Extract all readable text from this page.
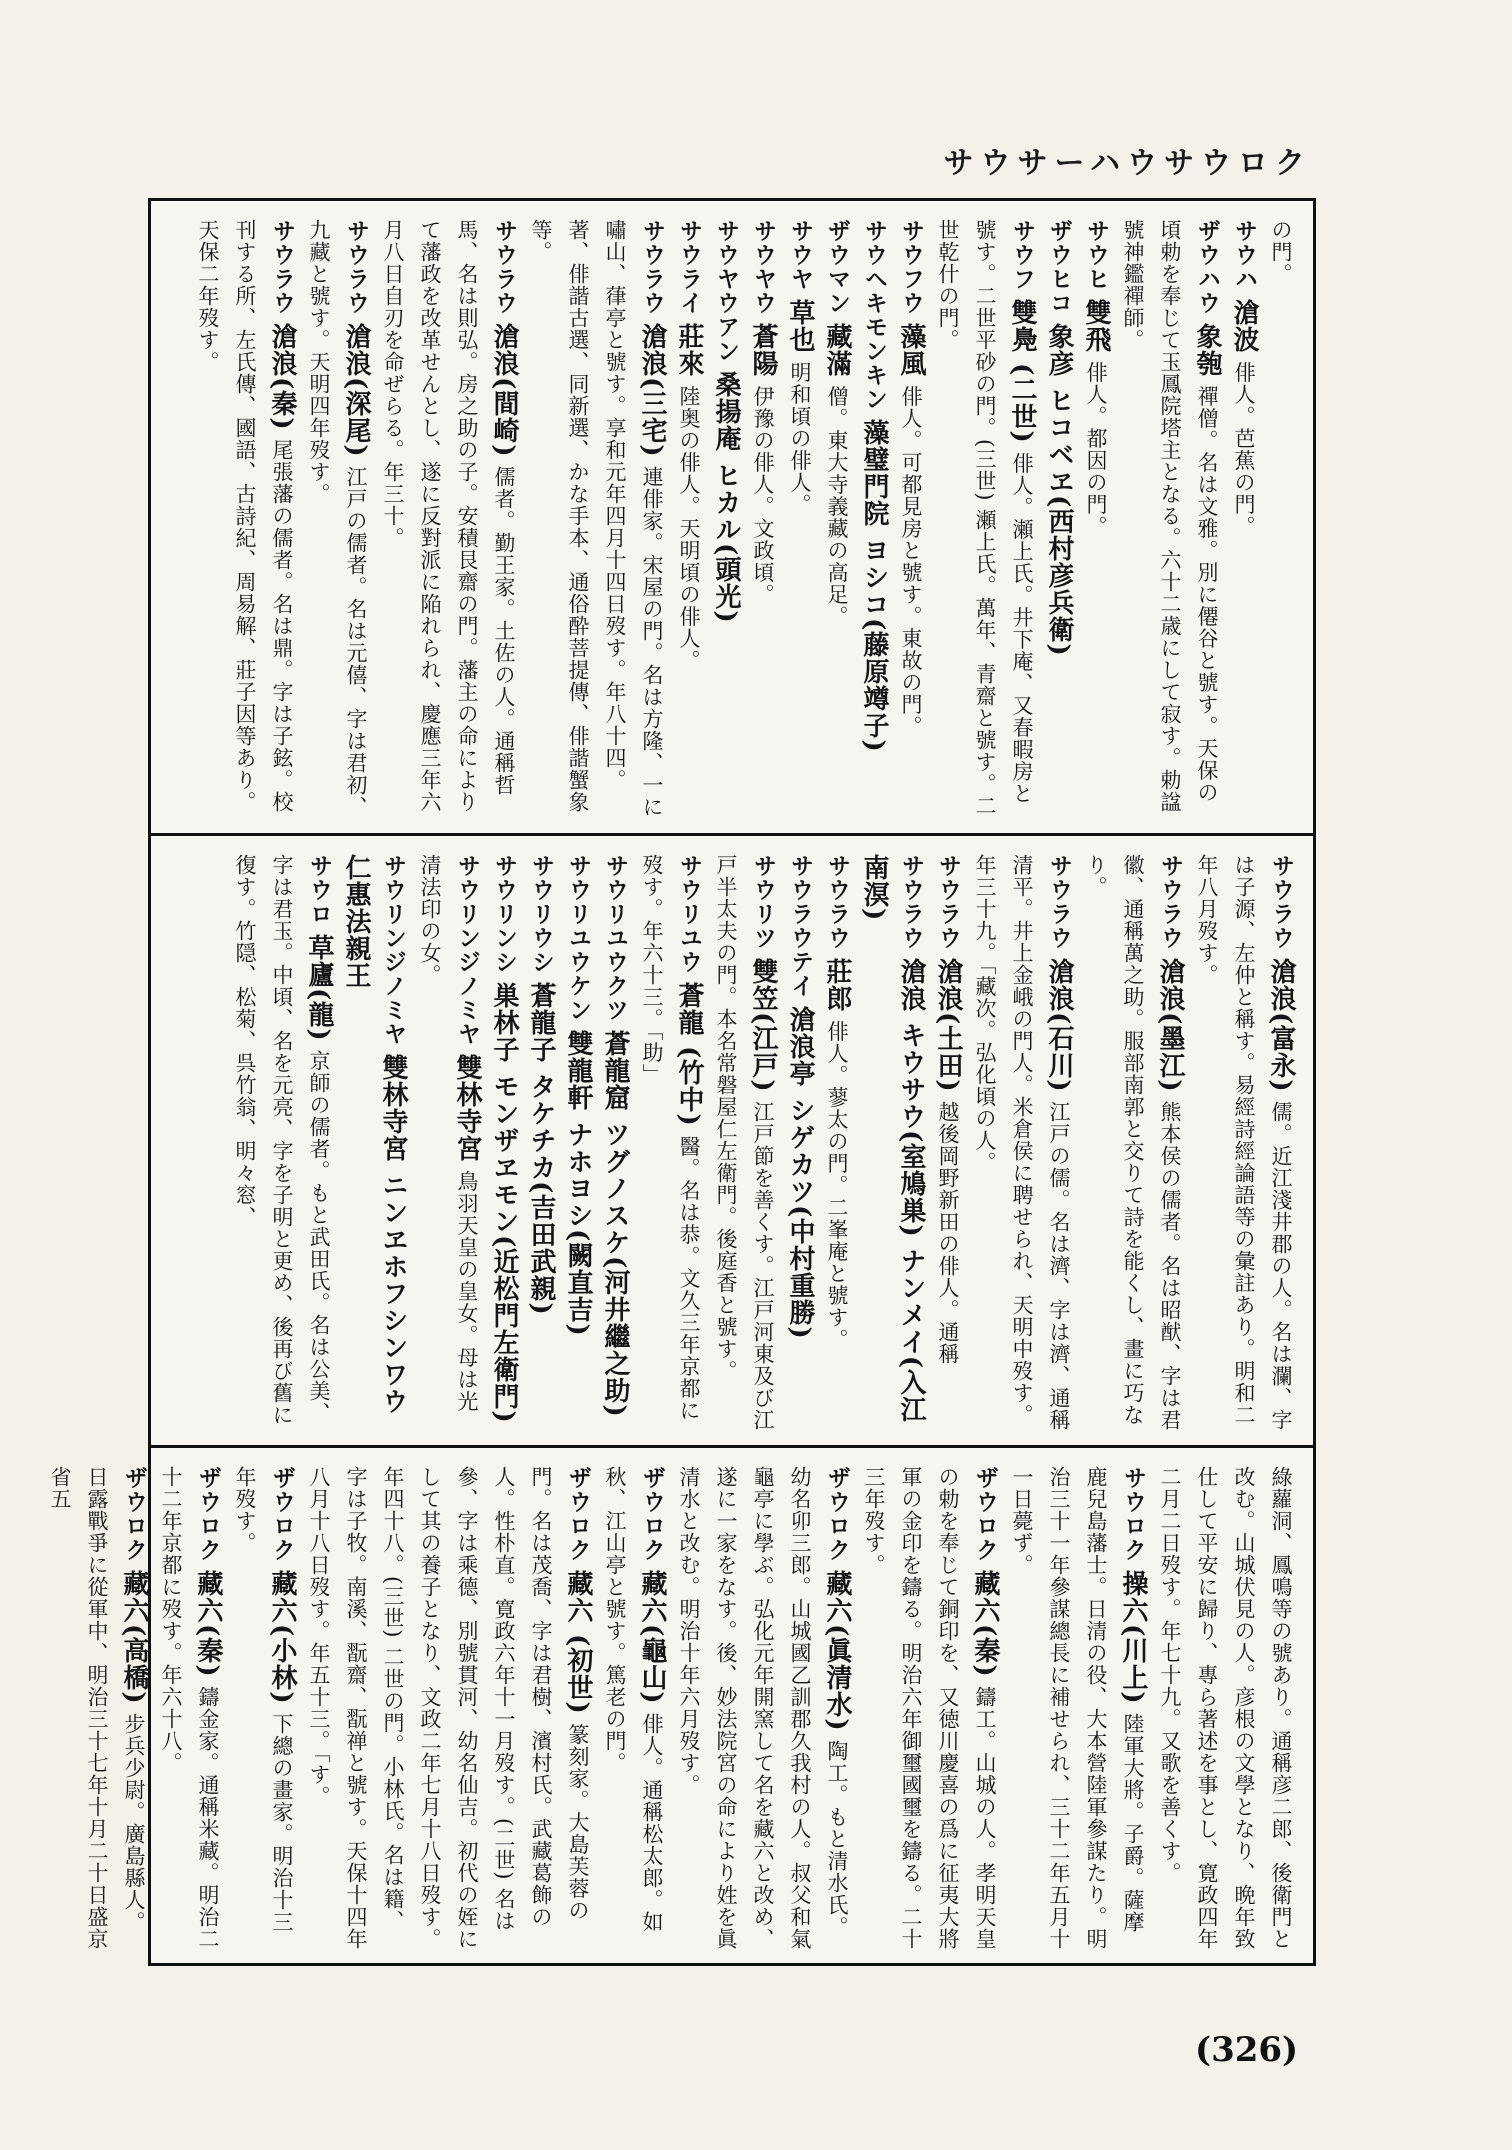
サウサーハウサウロク
の門。
サウハ 滄波 俳人。芭蕉の門。
ザウハウ 象匏 禪僧。名は文雅。別に僊谷と號す。天保の頃勅を奉じて玉鳳院塔主となる。六十二歳にして寂す。勅諡號神鑑禪師。
サウヒ 雙飛 俳人。都因の門。
ザウヒコ 象彦 ヒコベヱ(西村彦兵衛)
サウフ 雙鳧 (二世) 俳人。瀬上氏。井下庵、又春暇房と號す。二世平砂の門。(三世) 瀬上氏。萬年、青齋と號す。二世乾什の門。
サウフウ 藻風 俳人。可都見房と號す。東故の門。
サウヘキモンキン 藻璧門院 ヨシコ(藤原竴子)
ザウマン 藏滿 僧。東大寺義藏の高足。
サウヤ 草也 明和頃の俳人。
サウヤウ 蒼陽 伊豫の俳人。文政頃。
サウヤウアン 桑揚庵 ヒカル(頭光)
サウライ 莊來 陸奥の俳人。天明頃の俳人。
サウラウ 滄浪(三宅) 連俳家。宋屋の門。名は方隆、一に嘯山、葎亭と號す。享和元年四月十四日歿す。年八十四。著、俳諧古選、同新選、かな手本、通俗酔菩提傳、俳諧蟹象等。
サウラウ 滄浪(間崎) 儒者。勤王家。土佐の人。通稱哲馬、名は則弘。房之助の子。安積艮齋の門。藩主の命によりて藩政を改革せんとし、遂に反對派に陥れられ、慶應三年六月八日自刃を命ぜらる。年三十。
サウラウ 滄浪(深尾) 江戸の儒者。名は元僖、字は君初、九藏と號す。天明四年歿す。
サウラウ 滄浪(秦) 尾張藩の儒者。名は鼎。字は子鉉。校刊する所、左氏傳、國語、古詩紀、周易解、莊子因等あり。天保二年歿す。
サウラウ 滄浪(富永) 儒。近江淺井郡の人。名は瀾、字は子源、左仲と稱す。易經詩經論語等の彙註あり。明和二年八月歿す。
サウラウ 滄浪(墨江) 熊本侯の儒者。名は昭猷、字は君徽、通稱萬之助。服部南郭と交りて詩を能くし、畫に巧なり。
サウラウ 滄浪(石川) 江戸の儒。名は濟、字は濟、通稱清平。井上金峨の門人。米倉侯に聘せられ、天明中歿す。年三十九。「藏次。弘化頃の人。
サウラウ 滄浪(土田) 越後岡野新田の俳人。通稱
サウラウ 滄浪 キウサウ(室鳩巣) ナンメイ(入江南溟)
サウラウ 莊郎 俳人。蓼太の門。二峯庵と號す。
サウラウテイ 滄浪亭 シゲカツ(中村重勝)
サウリツ 雙笠(江戸) 江戸節を善くす。江戸河東及び江戸半太夫の門。本名常磐屋仁左衛門。後庭香と號す。
サウリユウ 蒼龍 (竹中) 醫。名は恭。文久三年京都に歿す。年六十三。「助」
サウリユウクツ 蒼龍窟 ツグノスケ(河井繼之助)
サウリユウケン 雙龍軒 ナホヨシ(闕直吉)
サウリウシ 蒼龍子 タケチカ(吉田武親)
サウリンシ 巣林子 モンザヱモン(近松門左衛門)
サウリンジノミヤ 雙林寺宮 鳥羽天皇の皇女。母は光清法印の女。
サウリンジノミヤ 雙林寺宮 ニンヱホフシンワウ 仁惠法親王
サウロ 草廬(龍) 京師の儒者。もと武田氏。名は公美、字は君玉。中頃、名を元亮、字を子明と更め、後再び舊に復す。竹隠、松菊、呉竹翁、明々窓、
綠蘿洞、鳳鳴等の號あり。通稱彦二郎、後衛門と改む。山城伏見の人。彦根の文學となり、晩年致仕して平安に歸り、專ら著述を事とし、寛政四年二月二日歿す。年七十九。又歌を善くす。
サウロク 操六(川上) 陸軍大將。子爵。薩摩鹿兒島藩士。日清の役、大本營陸軍參謀たり。明治三十一年參謀總長に補せられ、三十二年五月十一日薨ず。
ザウロク 藏六(秦) 鑄工。山城の人。孝明天皇の勅を奉じて銅印を、又徳川慶喜の爲に征夷大將軍の金印を鑄る。明治六年御璽國璽を鑄る。二十三年歿す。
ザウロク 藏六(眞清水) 陶工。もと清水氏。幼名卯三郎。山城國乙訓郡久我村の人。叔父和氣龜亭に學ぶ。弘化元年開窯して名を藏六と改め、遂に一家をなす。後、妙法院宮の命により姓を眞清水と改む。明治十年六月歿す。
ザウロク 藏六(龜山) 俳人。通稱松太郎。如秋、江山亭と號す。篤老の門。
ザウロク 藏六 (初世) 篆刻家。大島芙蓉の門。名は茂喬、字は君樹、濱村氏。武藏葛飾の人。性朴直。寛政六年十一月歿す。(二世) 名は參、字は乘德、別號貫河、幼名仙吉。初代の姪にして其の養子となり、文政二年七月十八日歿す。年四十八。(三世) 二世の門。小林氏。名は籍、字は子牧。南溪、翫齋、翫禅と號す。天保十四年八月十八日歿す。年五十三。「す。
ザウロク 藏六(小林) 下總の畫家。明治十三年歿す。
ザウロク 藏六(秦) 鑄金家。通稱米藏。明治二十二年京都に歿す。年六十八。
ザウロク 藏六(高橋) 步兵少尉。廣島縣人。日露戰爭に從軍中、明治三十七年十月二十日盛京省五
(326)
